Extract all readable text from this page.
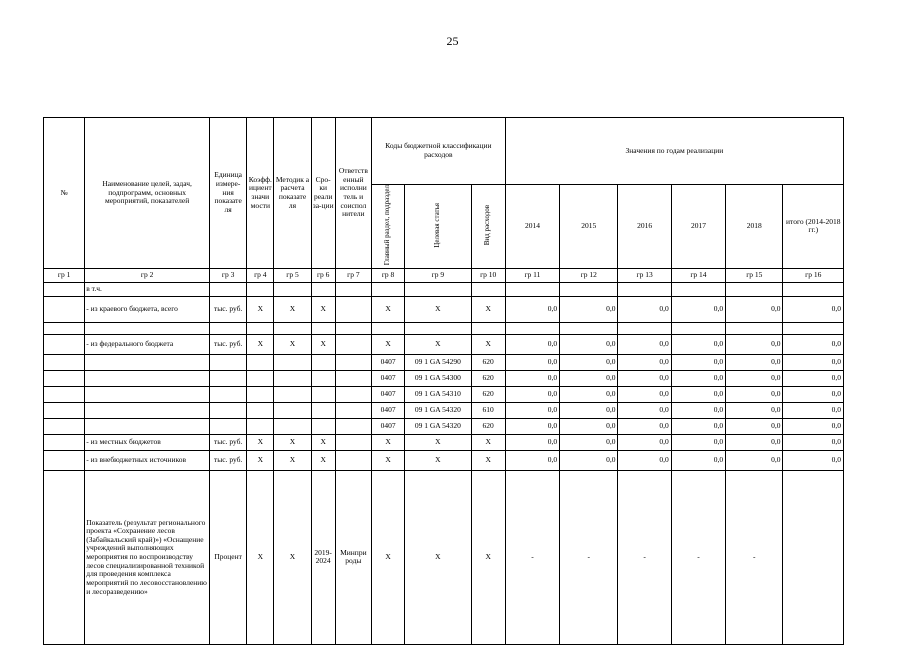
25
№	Наименование целей, задач, подпрограмм, основных мероприятий, показателей	Единица измере-ния показате ля	Коэфф. ициент значи мости	Методик а расчета показате ля	Сро-ки реали за-ции	Ответств енный исполни тель и соиспол нители	Коды бюджетной классификации расходов			Значения по годам реализации					
							Главный раздел, подраздел	Целевая статья	Вид расходов	2014	2015	2016	2017	2018	итого (2014-2018 гг.)
гр 1	гр 2	гр 3	гр 4	гр 5	гр 6	гр 7	гр 8	гр 9	гр 10	гр 11	гр 12	гр 13	гр 14	гр 15	гр 16
	в т.ч.														
	- из краевого бюджета, всего	тыс. руб.	X	X	X		X	X	X	0,0	0,0	0,0	0,0	0,0	0,0

	- из федерального бюджета	тыс. руб.	X	X	X		X	X	X	0,0	0,0	0,0	0,0	0,0	0,0
							0407	09 1 GA 54290	620	0,0	0,0	0,0	0,0	0,0	0,0
							0407	09 1 GA 54300	620	0,0	0,0	0,0	0,0	0,0	0,0
							0407	09 1 GA 54310	620	0,0	0,0	0,0	0,0	0,0	0,0
							0407	09 1 GA 54320	610	0,0	0,0	0,0	0,0	0,0	0,0
							0407	09 1 GA 54320	620	0,0	0,0	0,0	0,0	0,0	0,0
	- из местных бюджетов	тыс. руб.	X	X	X		X	X	X	0,0	0,0	0,0	0,0	0,0	0,0
	- из внебюджетных источников	тыс. руб.	X	X	X		X	X	X	0,0	0,0	0,0	0,0	0,0	0,0
	Показатель (результат регионального проекта «Сохранение лесов (Забайкальский край)») «Оснащение учреждений выполняющих мероприятия по воспроизводству лесов специализированной техникой для проведения комплекса мероприятий по лесовосстановлению и лесоразведению»	Процент	X	X	2019-2024	Минпри роды	X	X	X	-	-	-	-	-	
